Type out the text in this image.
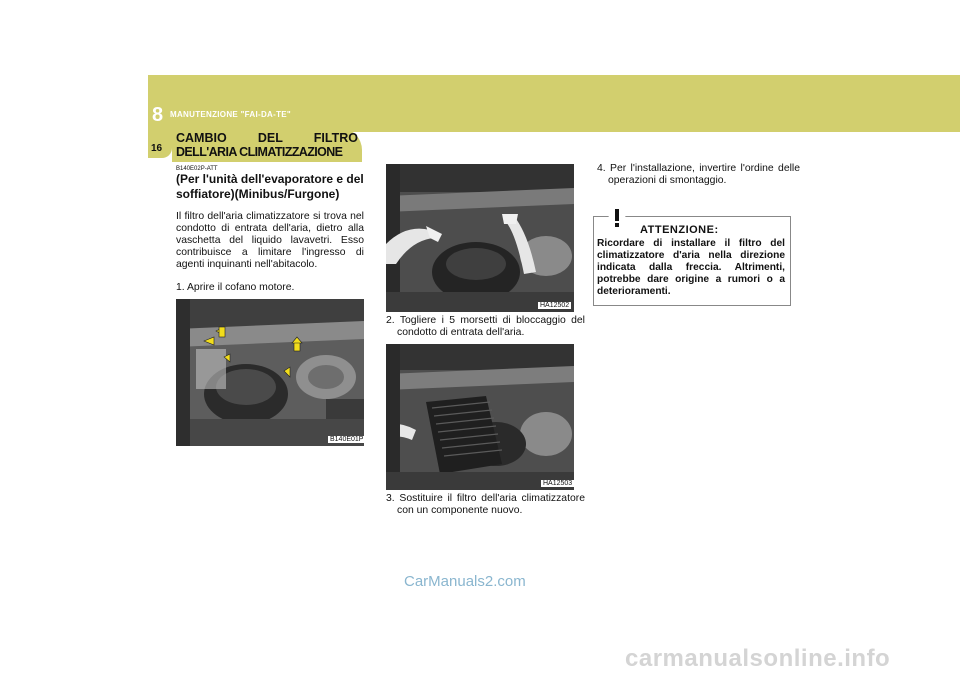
8 MANUTENZIONE "FAI-DA-TE"
16
CAMBIO DEL FILTRO
DELL'ARIA CLIMATIZZAZIONE
B140E02P-ATT
(Per l'unità dell'evaporatore e del soffiatore)(Minibus/Furgone)
Il filtro dell'aria climatizzatore si trova nel condotto di entrata dell'aria, dietro alla vaschetta del liquido lavavetri. Esso contribuisce a limitare l'ingresso di agenti inquinanti nell'abitacolo.
1. Aprire il cofano motore.
B140E01P
HA12502
2. Togliere i 5 morsetti di bloccaggio del condotto di entrata dell'aria.
HA12503
3. Sostituire il filtro dell'aria climatizzatore con un componente nuovo.
4. Per l'installazione, invertire l'ordine delle operazioni di smontaggio.
ATTENZIONE:
Ricordare di installare il filtro del climatizzatore d'aria nella direzione indicata dalla freccia. Altrimenti, potrebbe dare origine a rumori o a deterioramenti.
CarManuals2.com
carmanualsonline.info
